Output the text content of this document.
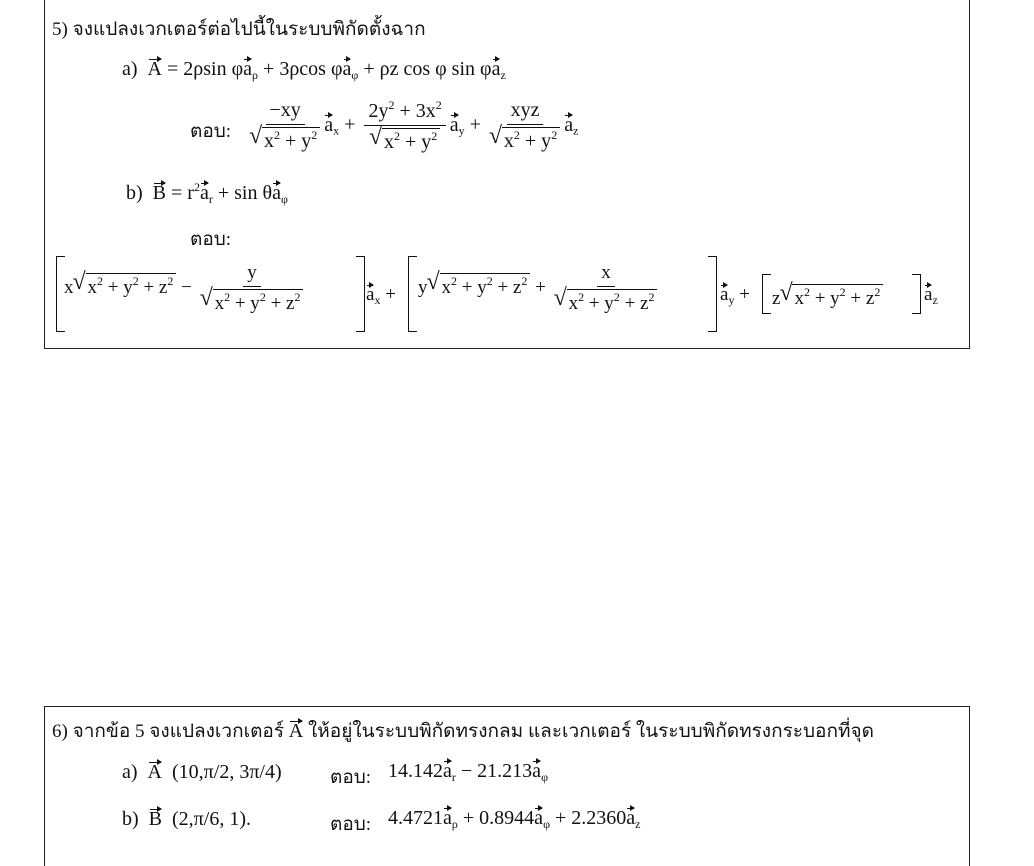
5) จงแปลงเวกเตอร์ต่อไปนี้ในระบบพิกัดตั้งฉาก
a) A = 2ρsin $\varphi a_\rho + 3\rho\cos$ $\varphi a_\varphi + \rho z$ cos φ $\sin \varphi a_z$
ตอบ: −xy
√ $x^2 + y^2$ $a_x + 2y^2 + 3x^2$
√ $x^2 + y^2$ $a_y$ + xyz
√ $x^2 + y^2$ $a_z$
b) $B = r^2a_r + \sin \theta a_\varphi$
ตอบ:
x√ $x^2 + y^2 + z^2 - y$
√ $x^2 + y^2 + z^2$	$a_x + y√$ $x^2 + y^2 + z^2 + x$
√ $x^2 + y^2 + z^2$	$a_y + z√$ $x^2 + y^2 + z^2$ $a_z$
6) จากข้อ 5 จงแปลงเวกเตอร์ A ให้อยู่ในระบบพิกัดทรงกลม และเวกเตอร์ ในระบบพิกัดทรงกระบอกที่จุด
a) A (10,π/2, 3π/4)	ตอบ: $14.142a_r - 21.213a_\varphi$
b) B (2,π/6, 1).	ตอบ: $4.4721a_\rho + 0.8944a_\varphi + 2.2360a_z$
